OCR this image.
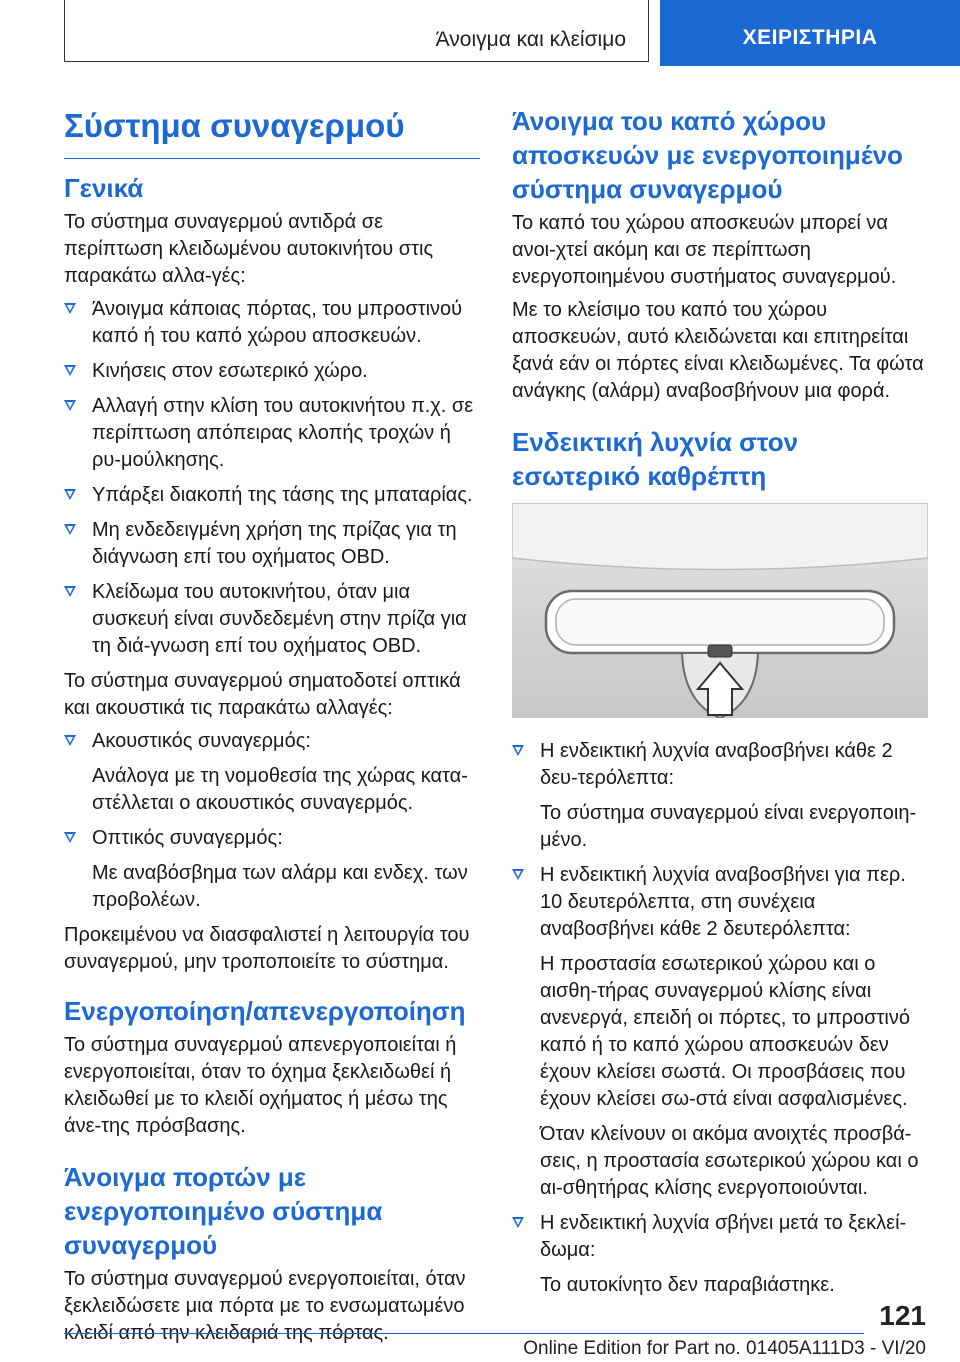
Άνοιγμα και κλείσιμο	ΧΕΙΡΙΣΤΗΡΙΑ
Σύστημα συναγερμού
Γενικά

Το σύστημα συναγερμού αντιδρά σε περίπτωση κλειδωμένου αυτοκινήτου στις παρακάτω αλλα-γές:

Άνοιγμα κάποιας πόρτας, του μπροστινού καπό ή του καπό χώρου αποσκευών.
Κινήσεις στον εσωτερικό χώρο.
Αλλαγή στην κλίση του αυτοκινήτου π.χ. σε περίπτωση απόπειρας κλοπής τροχών ή ρυ-μούλκησης.
Υπάρξει διακοπή της τάσης της μπαταρίας.
Μη ενδεδειγμένη χρήση της πρίζας για τη διάγνωση επί του οχήματος OBD.
Κλείδωμα του αυτοκινήτου, όταν μια συσκευή είναι συνδεδεμένη στην πρίζα για τη διά-γνωση επί του οχήματος OBD.

Το σύστημα συναγερμού σηματοδοτεί οπτικά και ακουστικά τις παρακάτω αλλαγές:

Ακουστικός συναγερμός:
Ανάλογα με τη νομοθεσία της χώρας κατα-στέλλεται ο ακουστικός συναγερμός.
Οπτικός συναγερμός:
Με αναβόσβημα των αλάρμ και ενδεχ. των προβολέων.

Προκειμένου να διασφαλιστεί η λειτουργία του συναγερμού, μην τροποποιείτε το σύστημα.

Ενεργοποίηση/απενεργοποίηση

Το σύστημα συναγερμού απενεργοποιείται ή ενεργοποιείται, όταν το όχημα ξεκλειδωθεί ή κλειδωθεί με το κλειδί οχήματος ή μέσω της άνε-της πρόσβασης.

Άνοιγμα πορτών με ενεργοποιημένο σύστημα συναγερμού

Το σύστημα συναγερμού ενεργοποιείται, όταν ξεκλειδώσετε μια πόρτα με το ενσωματωμένο κλειδί από την κλειδαριά της πόρτας.

Άνοιγμα του καπό χώρου αποσκευών με ενεργοποιημένο σύστημα συναγερμού

Το καπό του χώρου αποσκευών μπορεί να ανοι-χτεί ακόμη και σε περίπτωση ενεργοποιημένου συστήματος συναγερμού.

Με το κλείσιμο του καπό του χώρου αποσκευών, αυτό κλειδώνεται και επιτηρείται ξανά εάν οι πόρτες είναι κλειδωμένες. Τα φώτα ανάγκης (αλάρμ) αναβοσβήνουν μια φορά.

Ενδεικτική λυχνία στον εσωτερικό καθρέπτη
Η ενδεικτική λυχνία αναβοσβήνει κάθε 2 δευ-τερόλεπτα:
Το σύστημα συναγερμού είναι ενεργοποιη-μένο.
Η ενδεικτική λυχνία αναβοσβήνει για περ. 10 δευτερόλεπτα, στη συνέχεια αναβοσβήνει κάθε 2 δευτερόλεπτα:
Η προστασία εσωτερικού χώρου και ο αισθη-τήρας συναγερμού κλίσης είναι ανενεργά, επειδή οι πόρτες, το μπροστινό καπό ή το καπό χώρου αποσκευών δεν έχουν κλείσει σωστά. Οι προσβάσεις που έχουν κλείσει σω-στά είναι ασφαλισμένες.
Όταν κλείνουν οι ακόμα ανοιχτές προσβά-σεις, η προστασία εσωτερικού χώρου και ο αι-σθητήρας κλίσης ενεργοποιούνται.
Η ενδεικτική λυχνία σβήνει μετά το ξεκλεί-δωμα:
Το αυτοκίνητο δεν παραβιάστηκε.
121
Online Edition for Part no. 01405A111D3 - VI/20
